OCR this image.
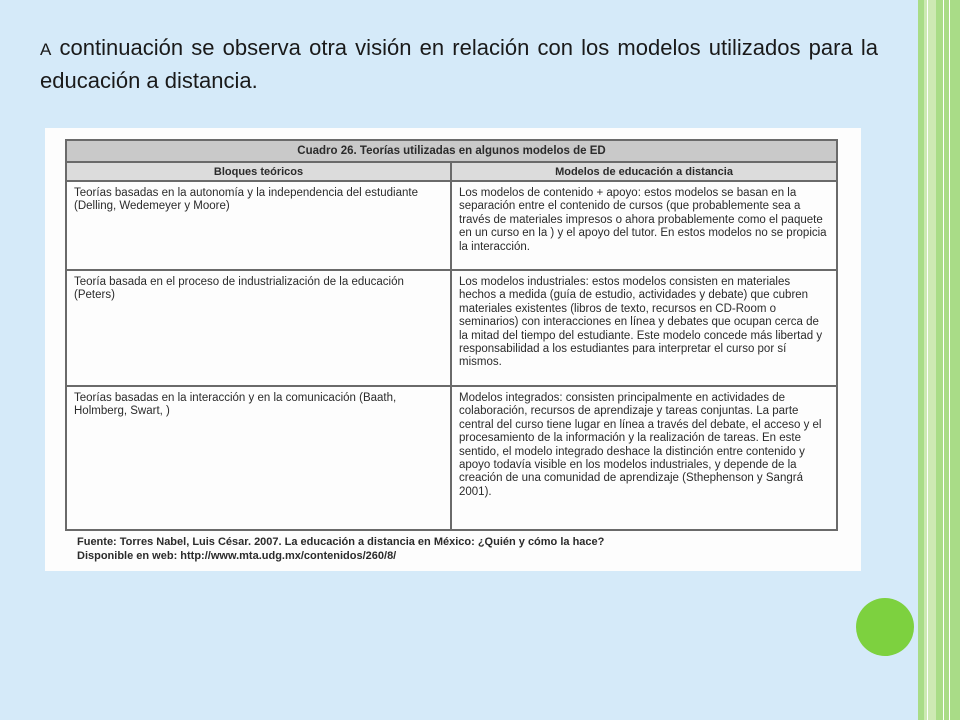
A continuación se observa otra visión en relación con los modelos utilizados para la educación a distancia.
Cuadro 26. Teorías utilizadas en algunos modelos de ED	
Bloques teóricos	Modelos de educación a distancia
Teorías basadas en la autonomía y la independencia del estudiante (Delling, Wedemeyer y Moore)	Los modelos de contenido + apoyo: estos modelos se basan en la separación entre el contenido de cursos (que probablemente sea a través de materiales impresos o ahora probablemente como el paquete en un curso en la ) y el apoyo del tutor. En estos modelos no se propicia la interacción.
Teoría basada en el proceso de industrialización de la educación (Peters)	Los modelos industriales: estos modelos consisten en materiales hechos a medida (guía de estudio, actividades y debate) que cubren materiales existentes (libros de texto, recursos en CD-Room o seminarios) con interacciones en línea y debates que ocupan cerca de la mitad del tiempo del estudiante. Este modelo concede más libertad y responsabilidad a los estudiantes para interpretar el curso por sí mismos.
Teorías basadas en la interacción y en la comunicación (Baath, Holmberg, Swart, )	Modelos integrados: consisten principalmente en actividades de colaboración, recursos de aprendizaje y tareas conjuntas. La parte central del curso tiene lugar en línea a través del debate, el acceso y el procesamiento de la información y la realización de tareas. En este sentido, el modelo integrado deshace la distinción entre contenido y apoyo todavía visible en los modelos industriales, y depende de la creación de una comunidad de aprendizaje (Sthephenson y Sangrá 2001).
Fuente: Torres Nabel, Luis César. 2007. La educación a distancia en México: ¿Quién y cómo la hace?
Disponible en web: http://www.mta.udg.mx/contenidos/260/8/
